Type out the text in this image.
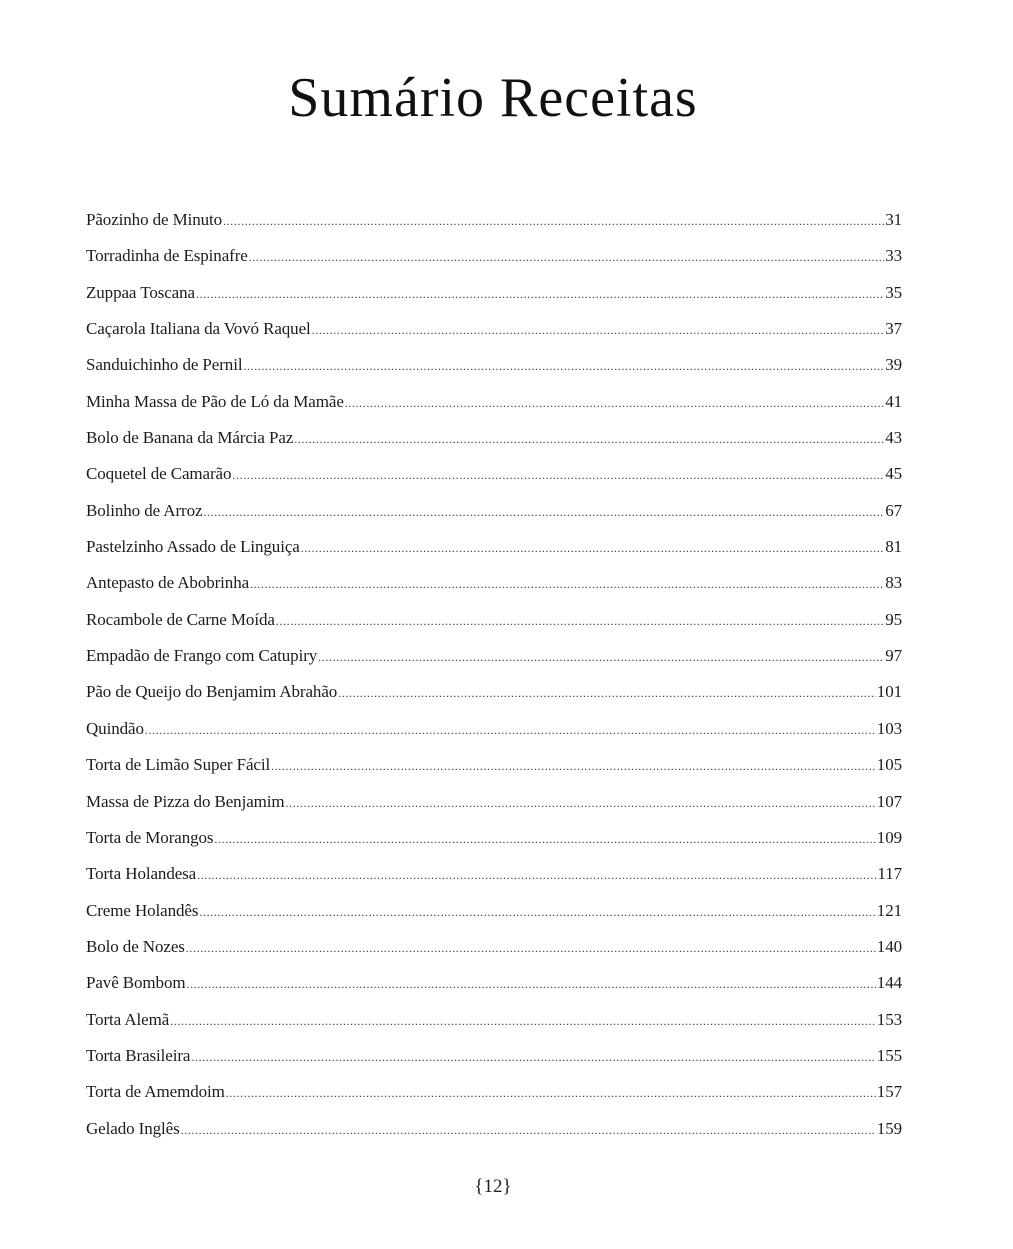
Sumário Receitas
Pãozinho de Minuto .....	31
Torradinha de Espinafre .....	33
Zuppaa Toscana .....	35
Caçarola Italiana da Vovó Raquel .....	37
Sanduichinho de Pernil .....	39
Minha Massa de Pão de Ló da Mamãe .....	41
Bolo de Banana da Márcia Paz .....	43
Coquetel de Camarão .....	45
Bolinho de Arroz .....	67
Pastelzinho Assado de Linguiça .....	81
Antepasto de Abobrinha .....	83
Rocambole de Carne Moída .....	95
Empadão de Frango com Catupiry .....	97
Pão de Queijo do Benjamim Abrahão .....	101
Quindão .....	103
Torta de Limão Super Fácil .....	105
Massa de Pizza do Benjamim .....	107
Torta de Morangos .....	109
Torta Holandesa .....	117
Creme Holandês .....	121
Bolo de Nozes .....	140
Pavê Bombom .....	144
Torta Alemã .....	153
Torta Brasileira .....	155
Torta de Amemdoim .....	157
Gelado Inglês .....	159
{12}
